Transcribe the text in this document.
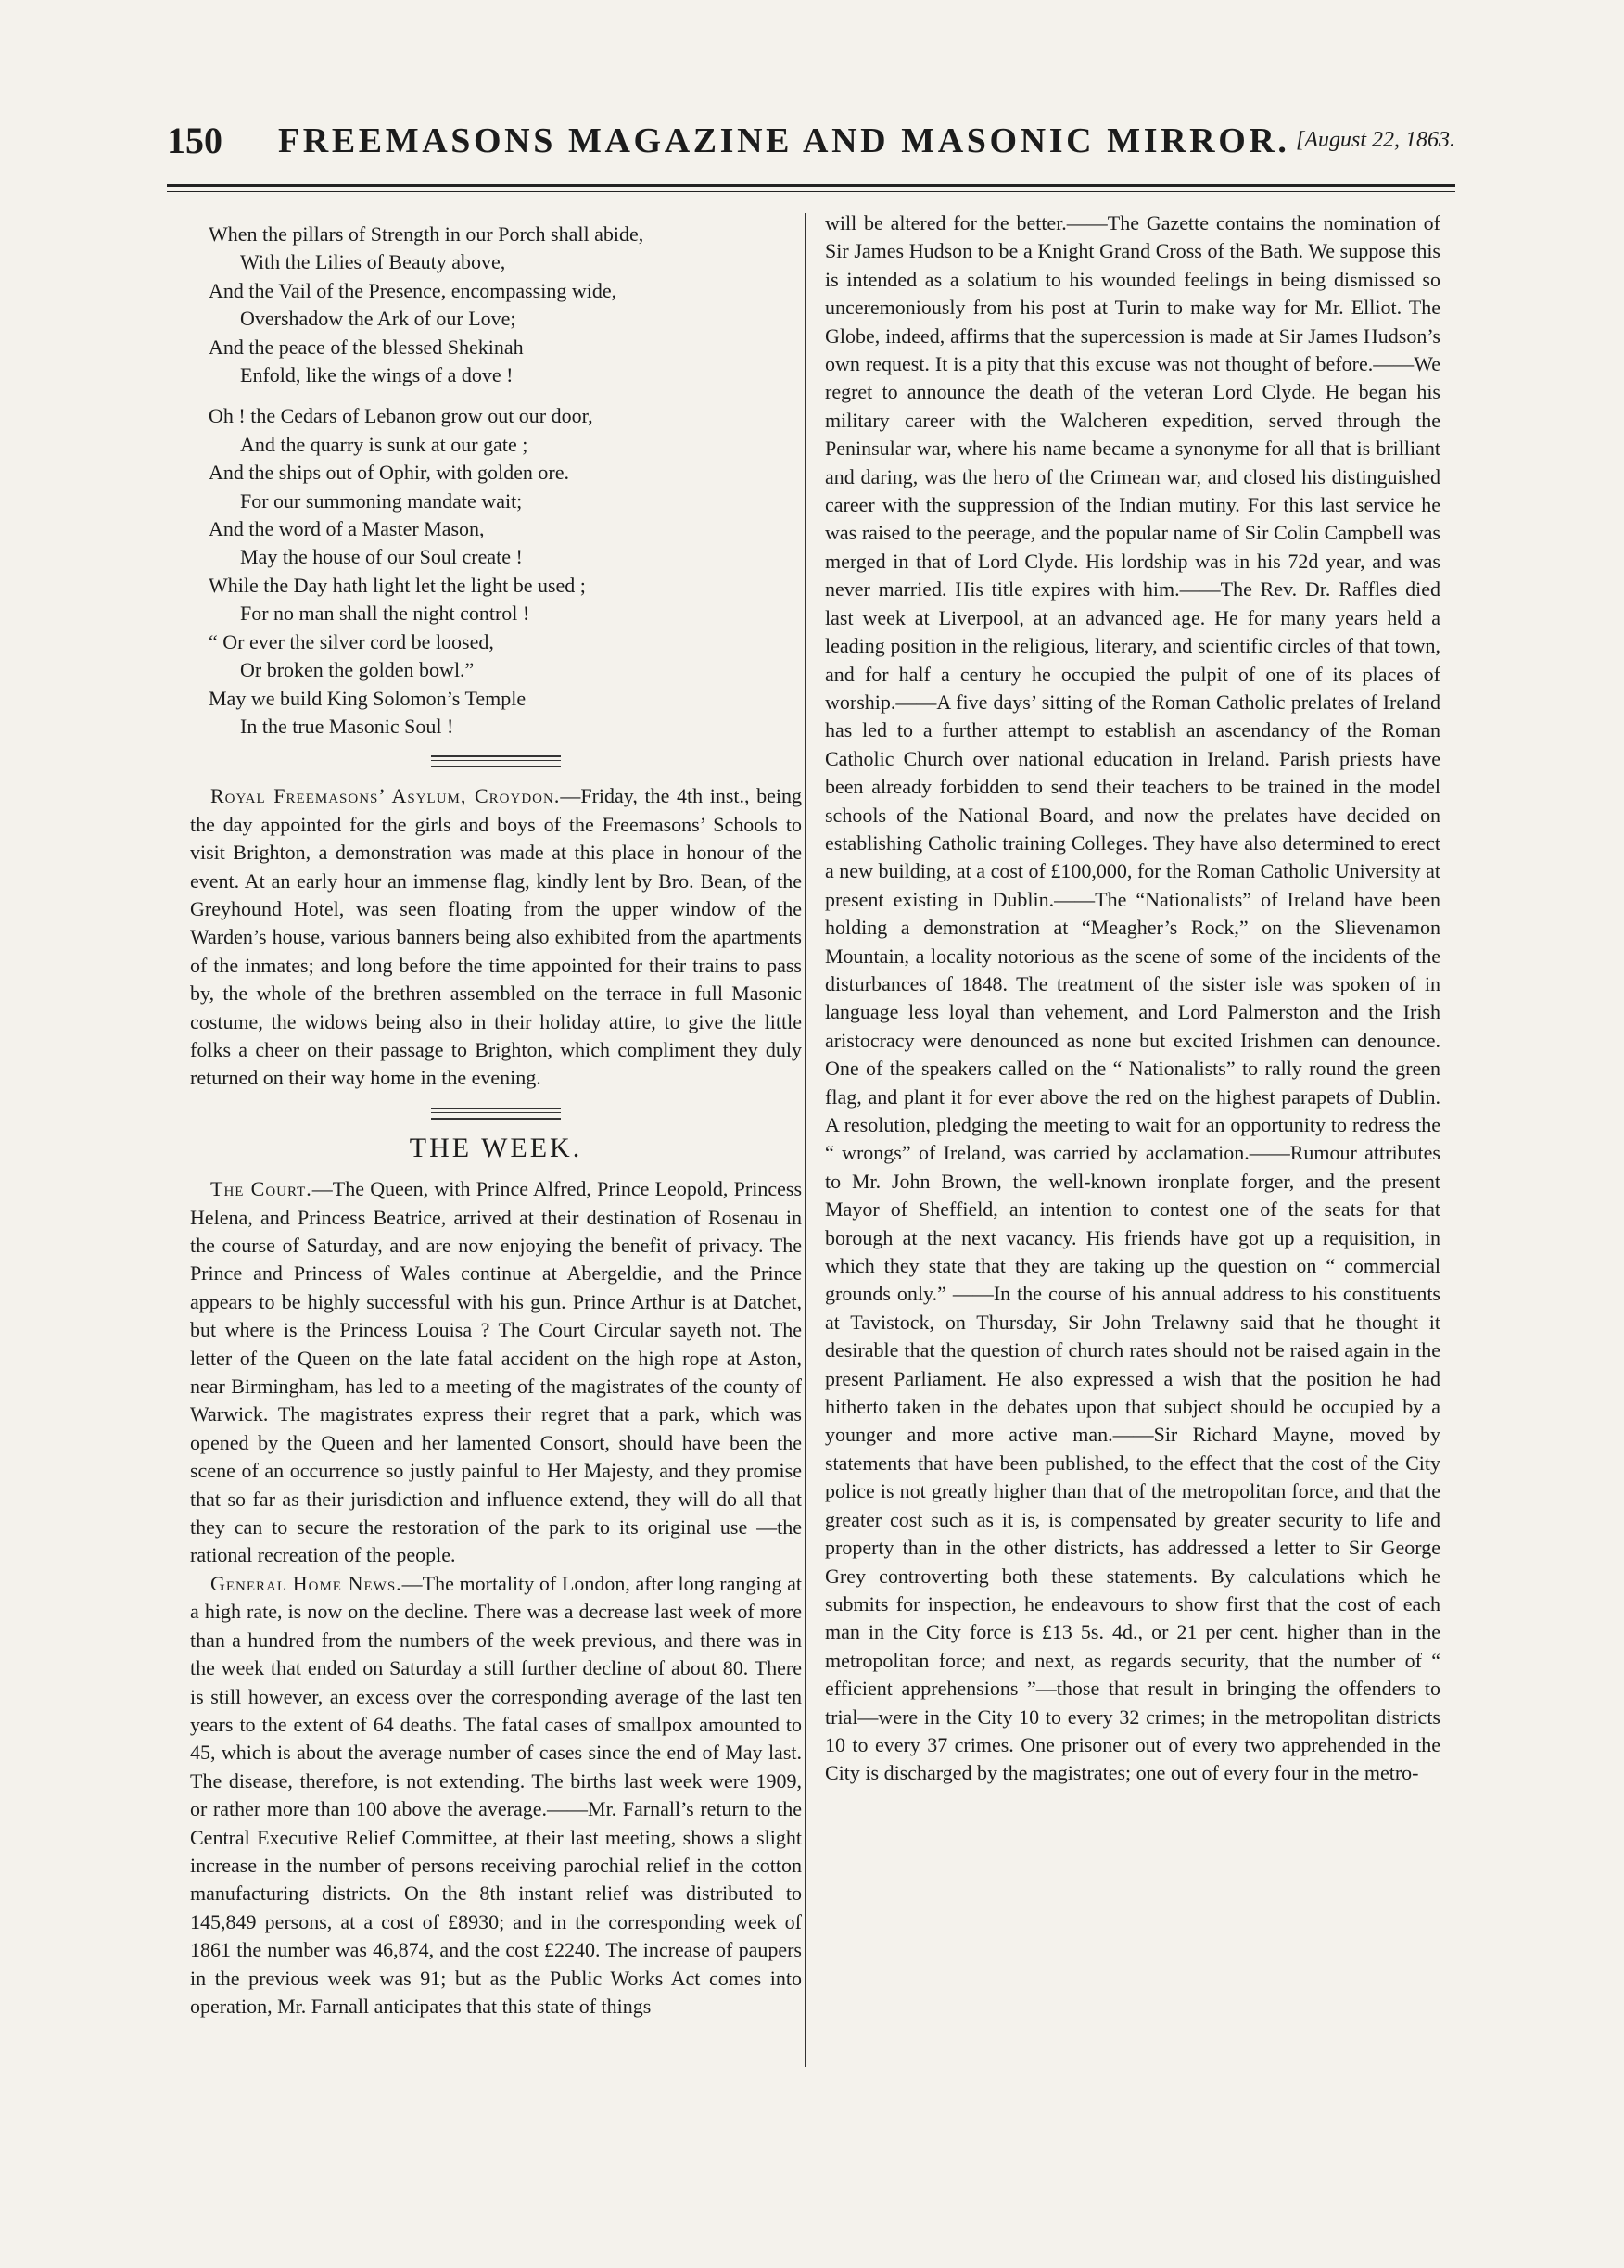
150 FREEMASONS MAGAZINE AND MASONIC MIRROR. [August 22, 1863.
When the pillars of Strength in our Porch shall abide,
With the Lilies of Beauty above,
And the Vail of the Presence, encompassing wide,
Overshadow the Ark of our Love;
And the peace of the blessed Shekinah
Enfold, like the wings of a dove !
Oh ! the Cedars of Lebanon grow out our door,
And the quarry is sunk at our gate ;
And the ships out of Ophir, with golden ore.
For our summoning mandate wait;
And the word of a Master Mason,
May the house of our Soul create !
While the Day hath light let the light be used ;
For no man shall the night control !
“ Or ever the silver cord be loosed,
Or broken the golden bowl.”
May we build King Solomon’s Temple
In the true Masonic Soul !

Royal Freemasons’ Asylum, Croydon.—Friday, the 4th inst., being the day appointed for the girls and boys of the Freemasons’ Schools to visit Brighton, a demonstration was made at this place in honour of the event. At an early hour an immense flag, kindly lent by Bro. Bean, of the Greyhound Hotel, was seen floating from the upper window of the Warden’s house, various banners being also exhibited from the apartments of the inmates; and long before the time appointed for their trains to pass by, the whole of the brethren assembled on the terrace in full Masonic costume, the widows being also in their holiday attire, to give the little folks a cheer on their passage to Brighton, which compliment they duly returned on their way home in the evening.

THE WEEK.

The Court.—The Queen, with Prince Alfred, Prince Leopold, Princess Helena, and Princess Beatrice, arrived at their destination of Rosenau in the course of Saturday, and are now enjoying the benefit of privacy. The Prince and Princess of Wales continue at Abergeldie, and the Prince appears to be highly successful with his gun. Prince Arthur is at Datchet, but where is the Princess Louisa ? The Court Circular sayeth not. The letter of the Queen on the late fatal accident on the high rope at Aston, near Birmingham, has led to a meeting of the magistrates of the county of Warwick. The magistrates express their regret that a park, which was opened by the Queen and her lamented Consort, should have been the scene of an occurrence so justly painful to Her Majesty, and they promise that so far as their jurisdiction and influence extend, they will do all that they can to secure the restoration of the park to its original use —the rational recreation of the people.

General Home News.—The mortality of London, after long ranging at a high rate, is now on the decline. There was a decrease last week of more than a hundred from the numbers of the week previous, and there was in the week that ended on Saturday a still further decline of about 80. There is still however, an excess over the corresponding average of the last ten years to the extent of 64 deaths. The fatal cases of smallpox amounted to 45, which is about the average number of cases since the end of May last. The disease, therefore, is not extending. The births last week were 1909, or rather more than 100 above the average.——Mr. Farnall’s return to the Central Executive Relief Committee, at their last meeting, shows a slight increase in the number of persons receiving parochial relief in the cotton manufacturing districts. On the 8th instant relief was distributed to 145,849 persons, at a cost of £8930; and in the corresponding week of 1861 the number was 46,874, and the cost £2240. The increase of paupers in the previous week was 91; but as the Public Works Act comes into operation, Mr. Farnall anticipates that this state of things

will be altered for the better.——The Gazette contains the nomination of Sir James Hudson to be a Knight Grand Cross of the Bath. We suppose this is intended as a solatium to his wounded feelings in being dismissed so unceremoniously from his post at Turin to make way for Mr. Elliot. The Globe, indeed, affirms that the supercession is made at Sir James Hudson’s own request. It is a pity that this excuse was not thought of before.——We regret to announce the death of the veteran Lord Clyde. He began his military career with the Walcheren expedition, served through the Peninsular war, where his name became a synonyme for all that is brilliant and daring, was the hero of the Crimean war, and closed his distinguished career with the suppression of the Indian mutiny. For this last service he was raised to the peerage, and the popular name of Sir Colin Campbell was merged in that of Lord Clyde. His lordship was in his 72d year, and was never married. His title expires with him.——The Rev. Dr. Raffles died last week at Liverpool, at an advanced age. He for many years held a leading position in the religious, literary, and scientific circles of that town, and for half a century he occupied the pulpit of one of its places of worship.——A five days’ sitting of the Roman Catholic prelates of Ireland has led to a further attempt to establish an ascendancy of the Roman Catholic Church over national education in Ireland. Parish priests have been already forbidden to send their teachers to be trained in the model schools of the National Board, and now the prelates have decided on establishing Catholic training Colleges. They have also determined to erect a new building, at a cost of £100,000, for the Roman Catholic University at present existing in Dublin.——The “Nationalists” of Ireland have been holding a demonstration at “Meagher’s Rock,” on the Slievenamon Mountain, a locality notorious as the scene of some of the incidents of the disturbances of 1848. The treatment of the sister isle was spoken of in language less loyal than vehement, and Lord Palmerston and the Irish aristocracy were denounced as none but excited Irishmen can denounce. One of the speakers called on the “ Nationalists” to rally round the green flag, and plant it for ever above the red on the highest parapets of Dublin. A resolution, pledging the meeting to wait for an opportunity to redress the “ wrongs” of Ireland, was carried by acclamation.——Rumour attributes to Mr. John Brown, the well-known ironplate forger, and the present Mayor of Sheffield, an intention to contest one of the seats for that borough at the next vacancy. His friends have got up a requisition, in which they state that they are taking up the question on “ commercial grounds only.” ——In the course of his annual address to his constituents at Tavistock, on Thursday, Sir John Trelawny said that he thought it desirable that the question of church rates should not be raised again in the present Parliament. He also expressed a wish that the position he had hitherto taken in the debates upon that subject should be occupied by a younger and more active man.——Sir Richard Mayne, moved by statements that have been published, to the effect that the cost of the City police is not greatly higher than that of the metropolitan force, and that the greater cost such as it is, is compensated by greater security to life and property than in the other districts, has addressed a letter to Sir George Grey controverting both these statements. By calculations which he submits for inspection, he endeavours to show first that the cost of each man in the City force is £13 5s. 4d., or 21 per cent. higher than in the metropolitan force; and next, as regards security, that the number of “ efficient apprehensions ”—those that result in bringing the offenders to trial—were in the City 10 to every 32 crimes; in the metropolitan districts 10 to every 37 crimes. One prisoner out of every two apprehended in the City is discharged by the magistrates; one out of every four in the metro-
